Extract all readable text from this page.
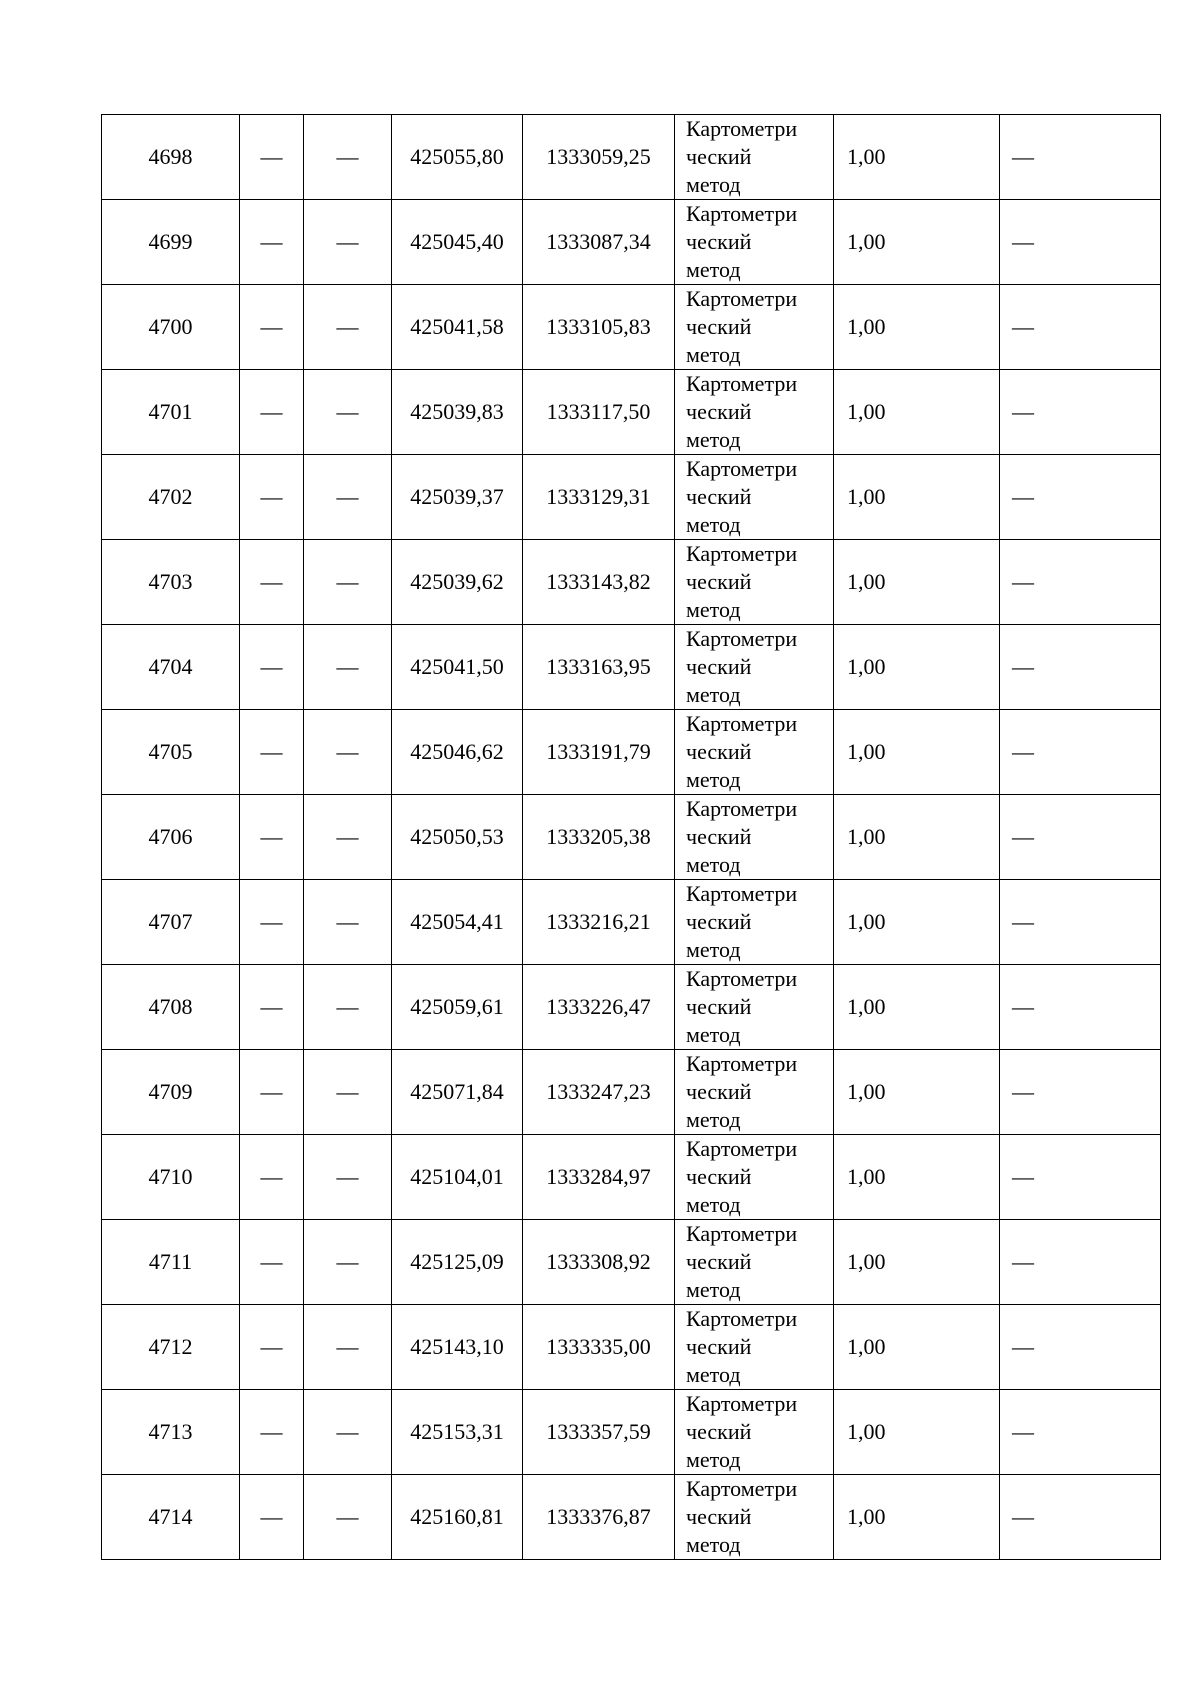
4698	—	—	425055,80	1333059,25	Картометри
ческий
метод	1,00	—
4699	—	—	425045,40	1333087,34	Картометри
ческий
метод	1,00	—
4700	—	—	425041,58	1333105,83	Картометри
ческий
метод	1,00	—
4701	—	—	425039,83	1333117,50	Картометри
ческий
метод	1,00	—
4702	—	—	425039,37	1333129,31	Картометри
ческий
метод	1,00	—
4703	—	—	425039,62	1333143,82	Картометри
ческий
метод	1,00	—
4704	—	—	425041,50	1333163,95	Картометри
ческий
метод	1,00	—
4705	—	—	425046,62	1333191,79	Картометри
ческий
метод	1,00	—
4706	—	—	425050,53	1333205,38	Картометри
ческий
метод	1,00	—
4707	—	—	425054,41	1333216,21	Картометри
ческий
метод	1,00	—
4708	—	—	425059,61	1333226,47	Картометри
ческий
метод	1,00	—
4709	—	—	425071,84	1333247,23	Картометри
ческий
метод	1,00	—
4710	—	—	425104,01	1333284,97	Картометри
ческий
метод	1,00	—
4711	—	—	425125,09	1333308,92	Картометри
ческий
метод	1,00	—
4712	—	—	425143,10	1333335,00	Картометри
ческий
метод	1,00	—
4713	—	—	425153,31	1333357,59	Картометри
ческий
метод	1,00	—
4714	—	—	425160,81	1333376,87	Картометри
ческий
метод	1,00	—
